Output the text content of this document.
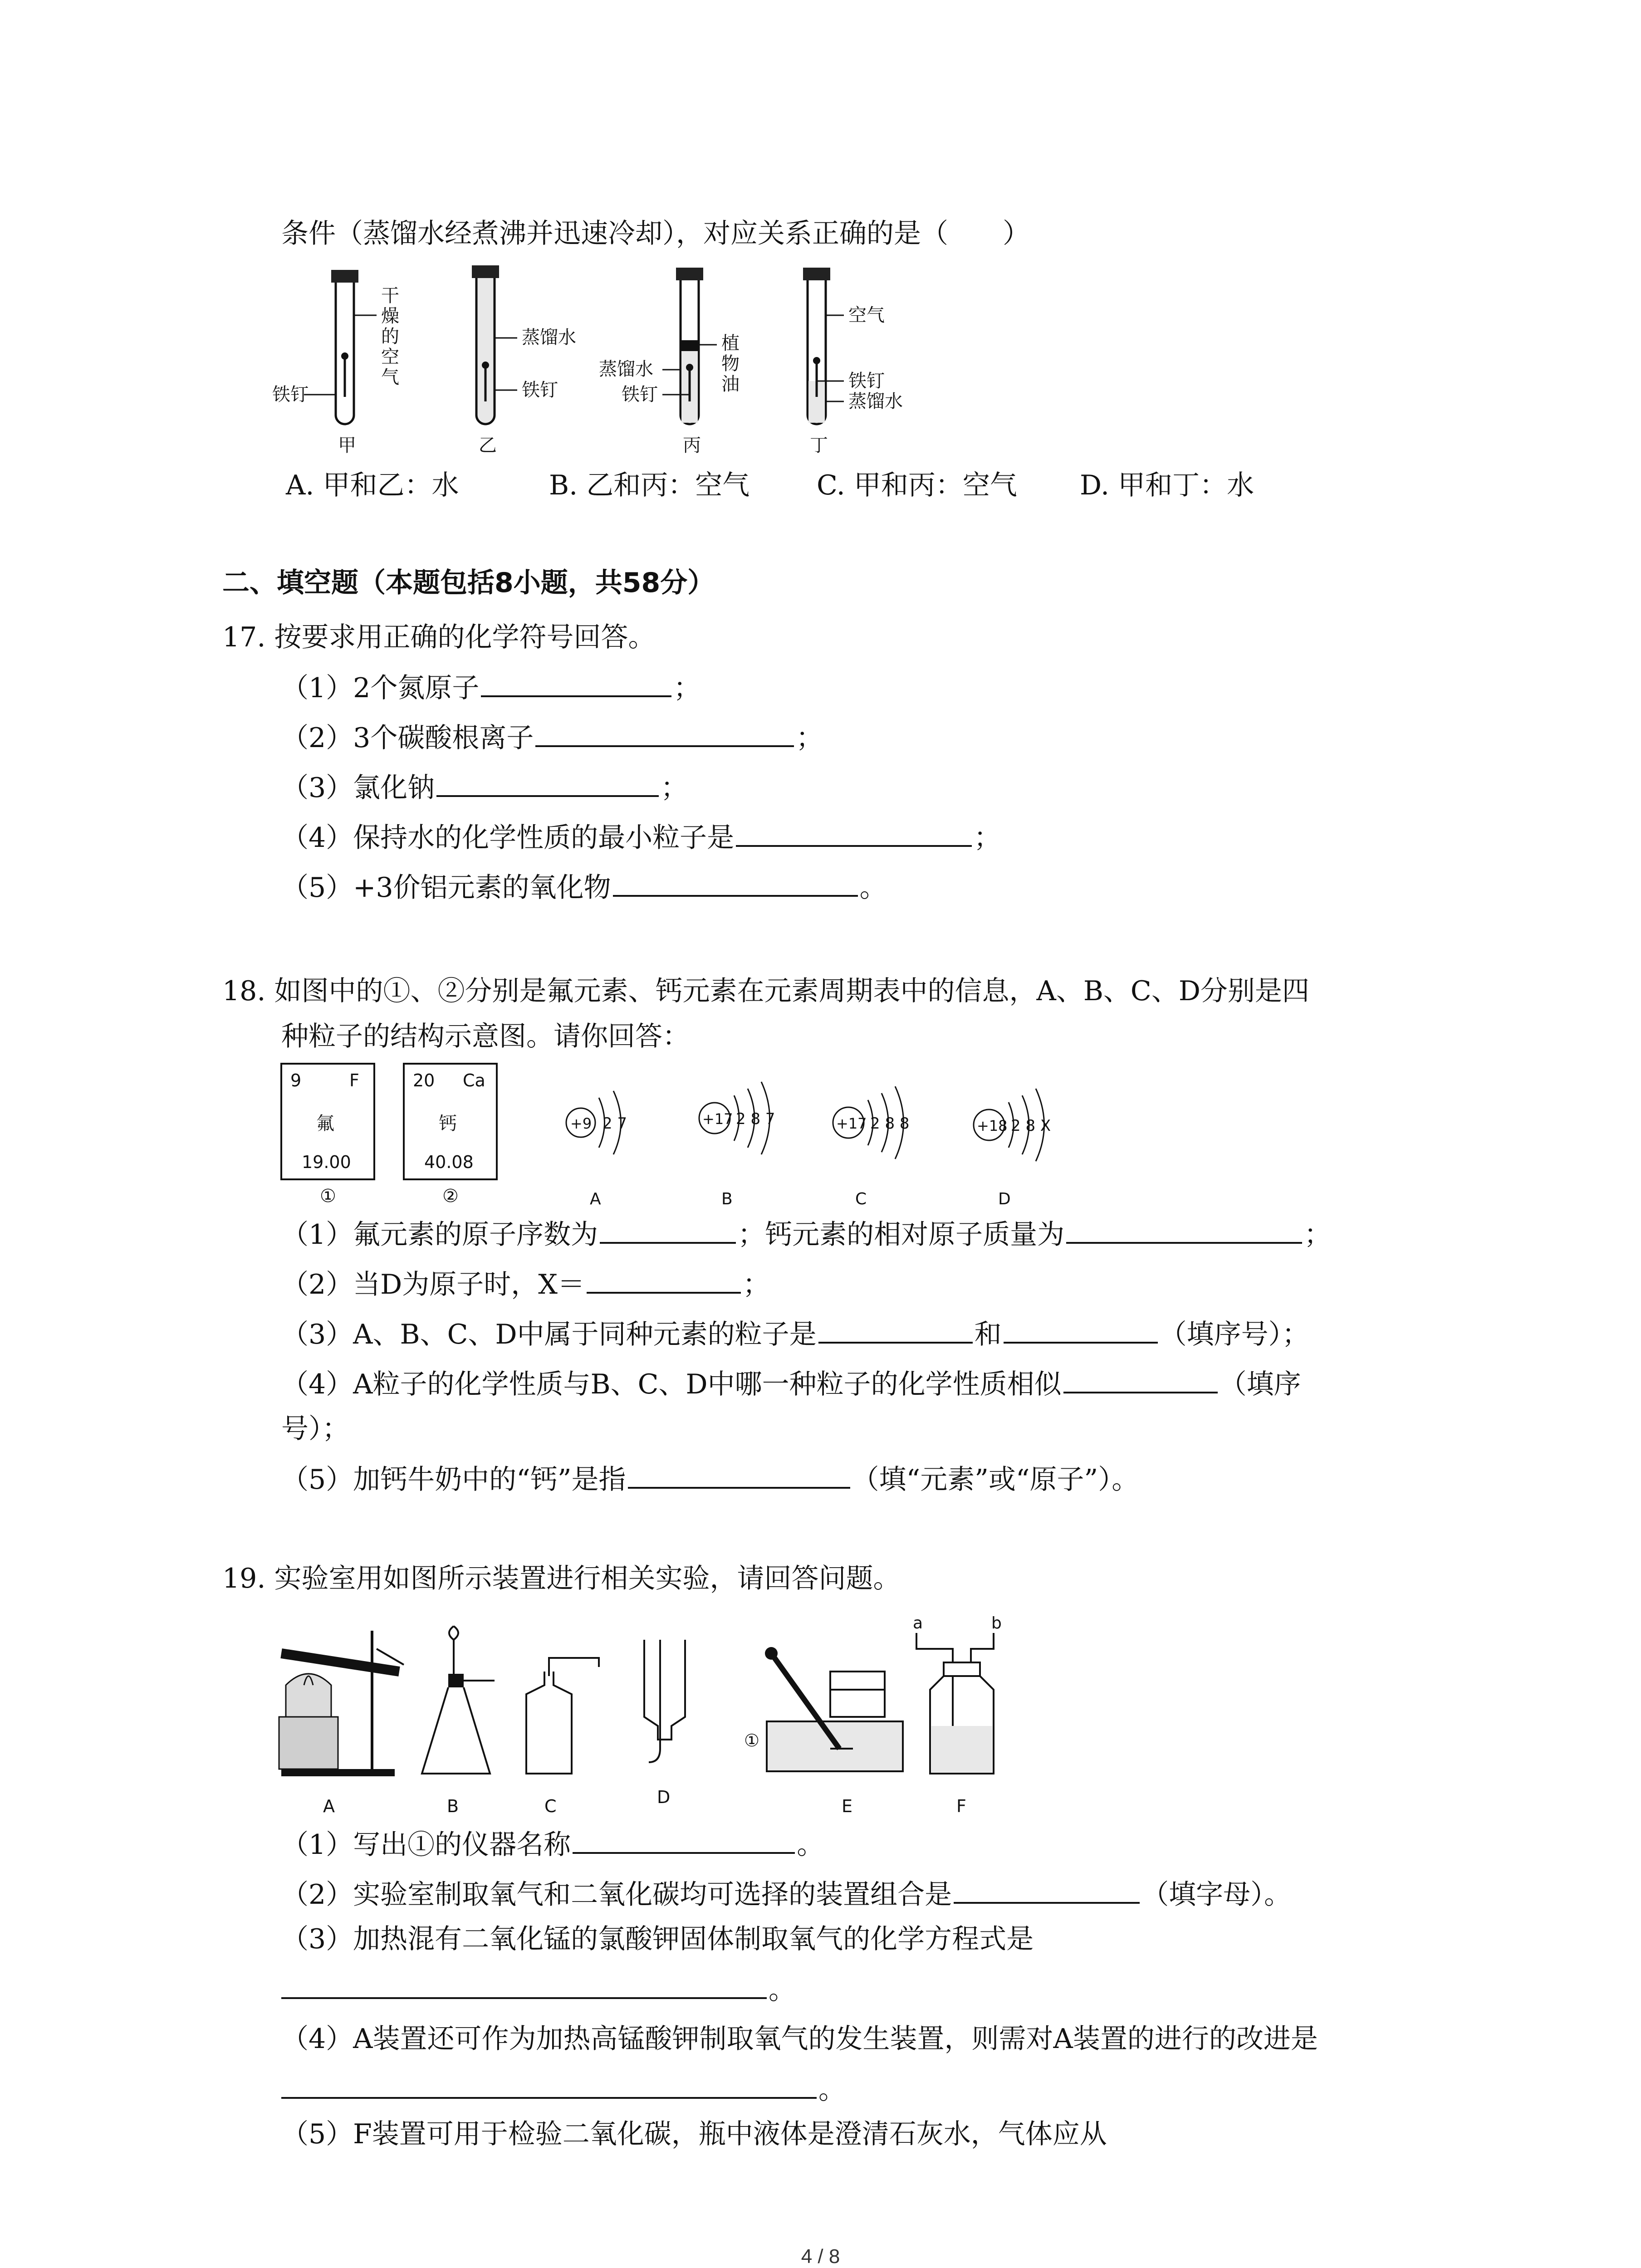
条件（蒸馏水经煮沸并迅速冷却），对应关系正确的是（　　）
干
燥
的
空
气
铁钉
甲
蒸馏水
铁钉
乙
植
物
油
蒸馏水
铁钉
丙
空气
铁钉
蒸馏水
丁
A. 甲和乙：水	B. 乙和丙：空气 C. 甲和丙：空气 D. 甲和丁：水
二、填空题（本题包括8小题，共58分）
17. 按要求用正确的化学符号回答。
（1）2个氮原子	；
（2）3个碳酸根离子	；
（3）氯化钠	；
（4）保持水的化学性质的最小粒子是	；
（5）+3价铝元素的氧化物	。
18. 如图中的①、②分别是氟元素、钙元素在元素周期表中的信息，A、B、C、D分别是四
种粒子的结构示意图。请你回答：
9	F
氟
19.00
①
20 Ca
钙
40.08
②
+9 2 7
A
+17 2 8 7
B
+17 2 8 8
C
+18 2 8 X
D
（1）氟元素的原子序数为	；钙元素的相对原子质量为	；
（2）当D为原子时，X＝	；
（3）A、B、C、D中属于同种元素的粒子是	和	（填序号）；
（4）A粒子的化学性质与B、C、D中哪一种粒子的化学性质相似	（填序
号）；
（5）加钙牛奶中的“钙”是指	（填“元素”或“原子”）。
19. 实验室用如图所示装置进行相关实验，请回答问题。
A	B	C	D
①
E
a	b
F
（1）写出①的仪器名称	。
（2）实验室制取氧气和二氧化碳均可选择的装置组合是	（填字母）。
（3）加热混有二氧化锰的氯酸钾固体制取氧气的化学方程式是
。
（4）A装置还可作为加热高锰酸钾制取氧气的发生装置，则需对A装置的进行的改进是
。
（5）F装置可用于检验二氧化碳，瓶中液体是澄清石灰水，气体应从
4 / 8
